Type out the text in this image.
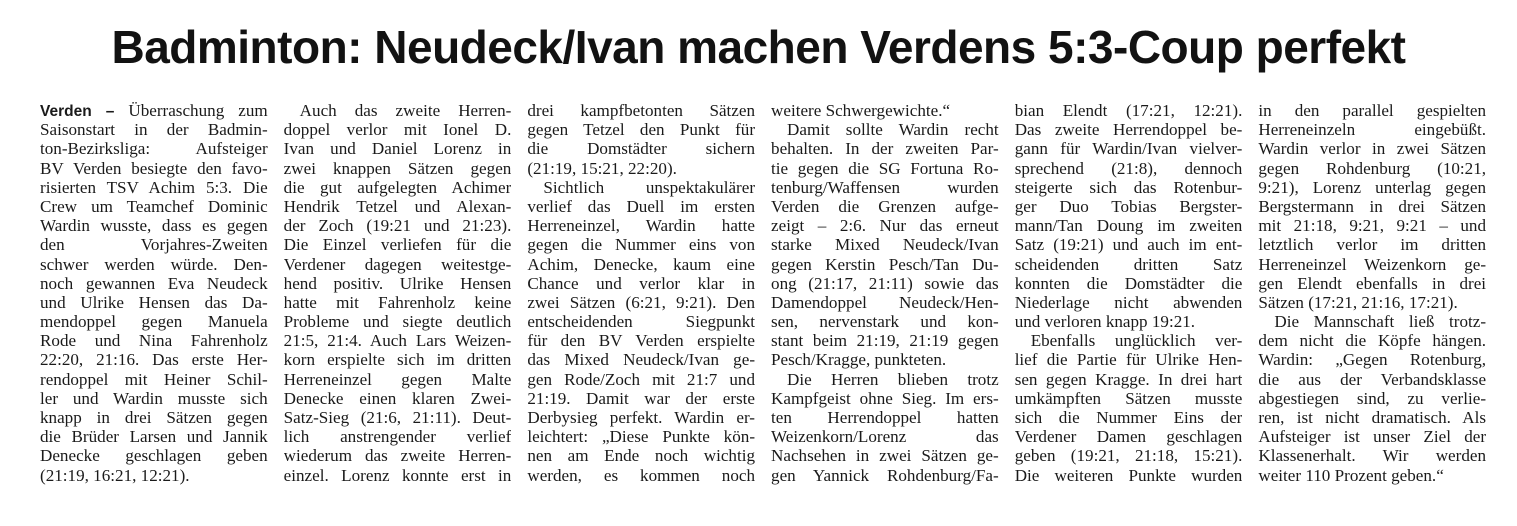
Badminton: Neudeck/Ivan machen Verdens 5:3-Coup perfekt
Verden – Überraschung zum
Saisonstart in der Badmin-
ton-Bezirksliga: Aufsteiger
BV Verden besiegte den favo-
risierten TSV Achim 5:3. Die
Crew um Teamchef Dominic
Wardin wusste, dass es gegen
den Vorjahres-Zweiten
schwer werden würde. Den-
noch gewannen Eva Neudeck
und Ulrike Hensen das Da-
mendoppel gegen Manuela
Rode und Nina Fahrenholz
22:20, 21:16. Das erste Her-
rendoppel mit Heiner Schil-
ler und Wardin musste sich
knapp in drei Sätzen gegen
die Brüder Larsen und Jannik
Denecke geschlagen geben
(21:19, 16:21, 12:21).
Auch das zweite Herren-
doppel verlor mit Ionel D.
Ivan und Daniel Lorenz in
zwei knappen Sätzen gegen
die gut aufgelegten Achimer
Hendrik Tetzel und Alexan-
der Zoch (19:21 und 21:23).
Die Einzel verliefen für die
Verdener dagegen weitestge-
hend positiv. Ulrike Hensen
hatte mit Fahrenholz keine
Probleme und siegte deutlich
21:5, 21:4. Auch Lars Weizen-
korn erspielte sich im dritten
Herreneinzel gegen Malte
Denecke einen klaren Zwei-
Satz-Sieg (21:6, 21:11). Deut-
lich anstrengender verlief
wiederum das zweite Herren-
einzel. Lorenz konnte erst in
drei kampfbetonten Sätzen
gegen Tetzel den Punkt für
die Domstädter sichern
(21:19, 15:21, 22:20).
Sichtlich unspektakulärer
verlief das Duell im ersten
Herreneinzel, Wardin hatte
gegen die Nummer eins von
Achim, Denecke, kaum eine
Chance und verlor klar in
zwei Sätzen (6:21, 9:21). Den
entscheidenden Siegpunkt
für den BV Verden erspielte
das Mixed Neudeck/Ivan ge-
gen Rode/Zoch mit 21:7 und
21:19. Damit war der erste
Derbysieg perfekt. Wardin er-
leichtert: „Diese Punkte kön-
nen am Ende noch wichtig
werden, es kommen noch
weitere Schwergewichte.“
Damit sollte Wardin recht
behalten. In der zweiten Par-
tie gegen die SG Fortuna Ro-
tenburg/Waffensen wurden
Verden die Grenzen aufge-
zeigt – 2:6. Nur das erneut
starke Mixed Neudeck/Ivan
gegen Kerstin Pesch/Tan Du-
ong (21:17, 21:11) sowie das
Damendoppel Neudeck/Hen-
sen, nervenstark und kon-
stant beim 21:19, 21:19 gegen
Pesch/Kragge, punkteten.
Die Herren blieben trotz
Kampfgeist ohne Sieg. Im ers-
ten Herrendoppel hatten
Weizenkorn/Lorenz das
Nachsehen in zwei Sätzen ge-
gen Yannick Rohdenburg/Fa-
bian Elendt (17:21, 12:21).
Das zweite Herrendoppel be-
gann für Wardin/Ivan vielver-
sprechend (21:8), dennoch
steigerte sich das Rotenbur-
ger Duo Tobias Bergster-
mann/Tan Doung im zweiten
Satz (19:21) und auch im ent-
scheidenden dritten Satz
konnten die Domstädter die
Niederlage nicht abwenden
und verloren knapp 19:21.
Ebenfalls unglücklich ver-
lief die Partie für Ulrike Hen-
sen gegen Kragge. In drei hart
umkämpften Sätzen musste
sich die Nummer Eins der
Verdener Damen geschlagen
geben (19:21, 21:18, 15:21).
Die weiteren Punkte wurden
in den parallel gespielten
Herreneinzeln eingebüßt.
Wardin verlor in zwei Sätzen
gegen Rohdenburg (10:21,
9:21), Lorenz unterlag gegen
Bergstermann in drei Sätzen
mit 21:18, 9:21, 9:21 – und
letztlich verlor im dritten
Herreneinzel Weizenkorn ge-
gen Elendt ebenfalls in drei
Sätzen (17:21, 21:16, 17:21).
Die Mannschaft ließ trotz-
dem nicht die Köpfe hängen.
Wardin: „Gegen Rotenburg,
die aus der Verbandsklasse
abgestiegen sind, zu verlie-
ren, ist nicht dramatisch. Als
Aufsteiger ist unser Ziel der
Klassenerhalt. Wir werden
weiter 110 Prozent geben.“
